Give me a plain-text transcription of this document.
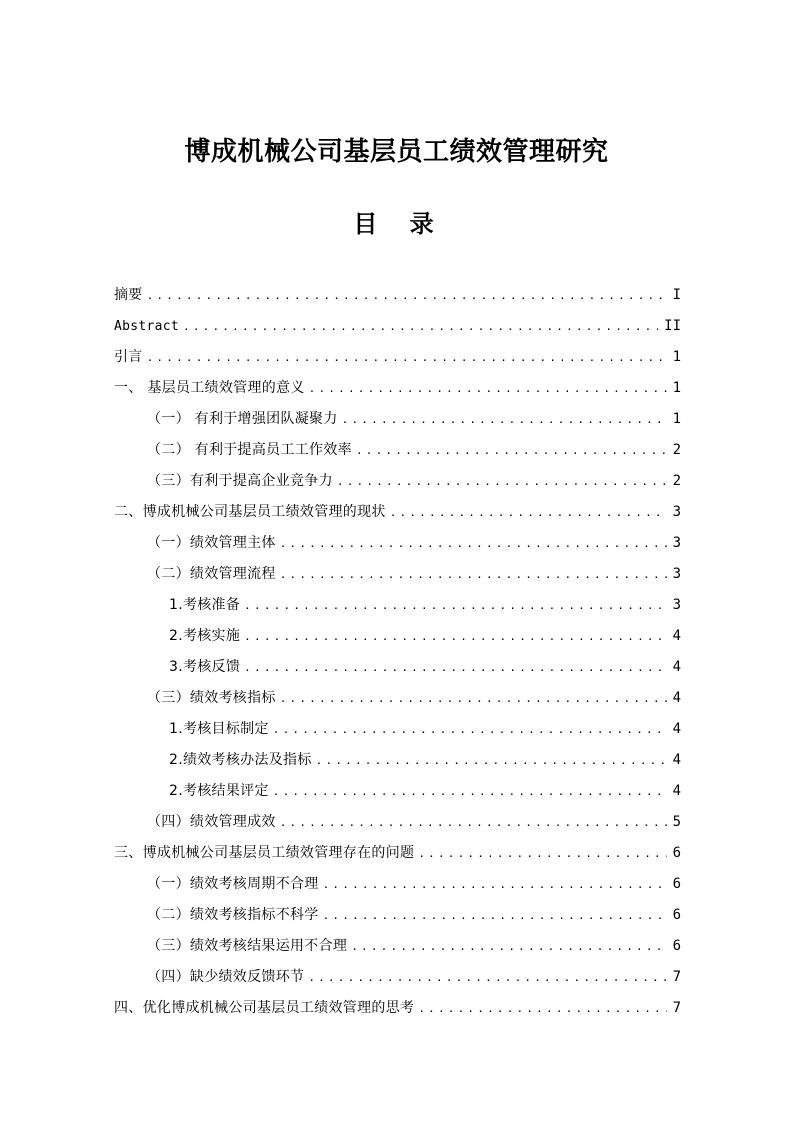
博成机械公司基层员工绩效管理研究
目 录
摘要 .....	I
Abstract .....	II
引言 .....	1
一、 基层员工绩效管理的意义 .....	1
（一） 有利于增强团队凝聚力 .....	1
（二） 有利于提高员工工作效率 .....	2
（三）有利于提高企业竞争力 .....	2
二、博成机械公司基层员工绩效管理的现状 .....	3
（一）绩效管理主体 .....	3
（二）绩效管理流程 .....	3
1.考核准备 .....	3
2.考核实施 .....	4
3.考核反馈 .....	4
（三）绩效考核指标 .....	4
1.考核目标制定 .....	4
2.绩效考核办法及指标 .....	4
2.考核结果评定 .....	4
（四）绩效管理成效 .....	5
三、博成机械公司基层员工绩效管理存在的问题 .....	6
（一）绩效考核周期不合理 .....	6
（二）绩效考核指标不科学 .....	6
（三）绩效考核结果运用不合理 .....	6
（四）缺少绩效反馈环节 .....	7
四、优化博成机械公司基层员工绩效管理的思考 .....	7
